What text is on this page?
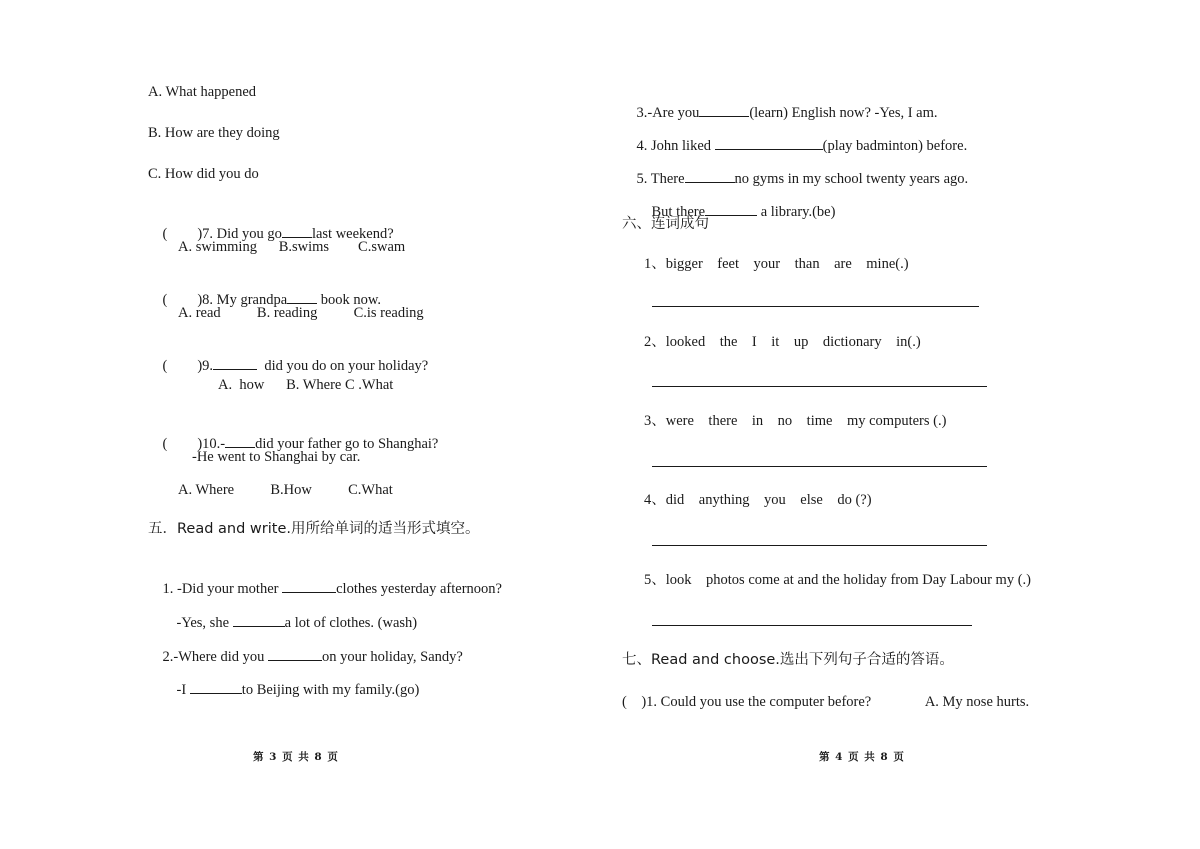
A. What happened
B. How are they doing
C. How did you do

( )7. Did you go last weekend?

A. swimming      B.swims        C.swam

( )8. My grandpa book now.

A. read          B. reading          C.is reading

( )9.	did you do on your holiday?

A.  how      B. Where C .What

( )10.- did your father go to Shanghai?

-He went to Shanghai by car.
A. Where          B.How          C.What
五．Read and write.用所给单词的适当形式填空。

1. -Did your mother	clothes yesterday afternoon?

-Yes, she	a lot of clothes. (wash)

2.-Where did you	on your holiday, Sandy?

-I	to Beijing with my family.(go)

第 3 页 共 8 页

3.-Are you	(learn) English now? -Yes, I am.

4. John liked	(play badminton) before.

5. There	no gyms in my school twenty years ago.

But there	a library.(be)

六、连词成句
1、bigger    feet    your    than    are    mine(.)
2、looked    the    I    it    up    dictionary    in(.)
3、were    there    in    no    time    my computers (.)
4、did    anything    you    else    do (?)
5、look    photos come at and the holiday from Day Labour my (.)
七、Read and choose.选出下列句子合适的答语。
(    )1. Could you use the computer before?               A. My nose hurts.
第 4 页 共 8 页
